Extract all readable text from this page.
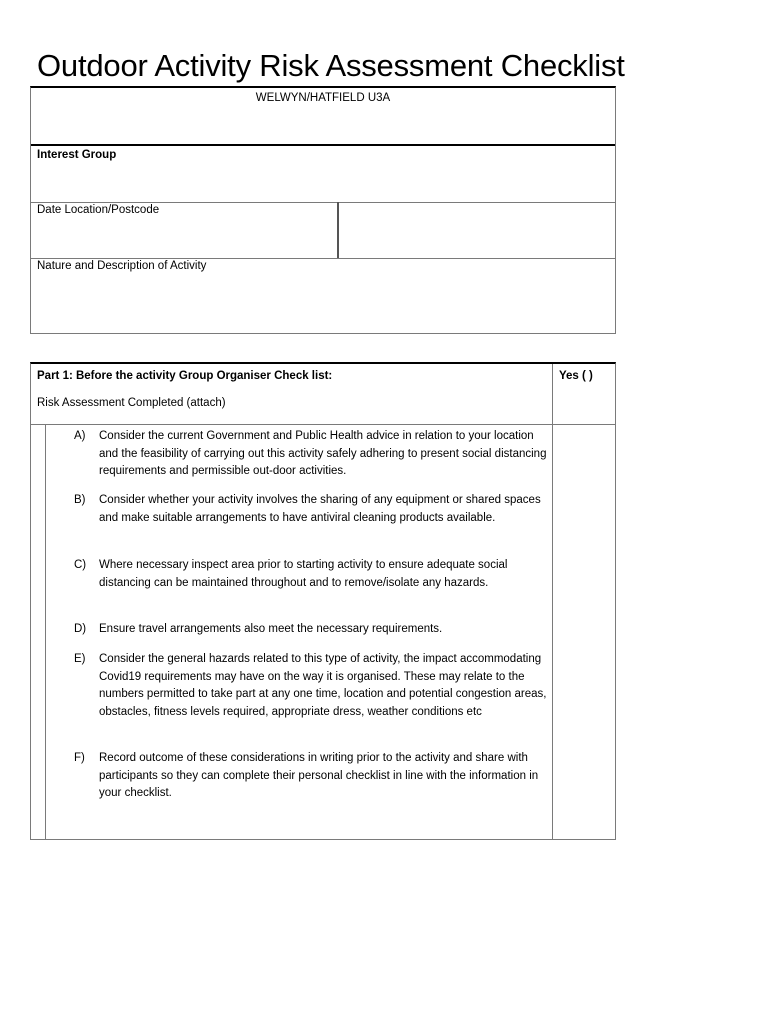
Outdoor Activity Risk Assessment Checklist
WELWYN/HATFIELD U3A
Interest Group
Date Location/Postcode
Nature and Description of Activity
Part 1: Before the activity Group Organiser Check list:
Risk Assessment Completed (attach)
Yes ( )
A) Consider the current Government and Public Health advice in relation to your location and the feasibility of carrying out this activity safely adhering to present social distancing requirements and permissible out-door activities.
B) Consider whether your activity involves the sharing of any equipment or shared spaces and make suitable arrangements to have antiviral cleaning products available.
C) Where necessary inspect area prior to starting activity to ensure adequate social distancing can be maintained throughout and to remove/isolate any hazards.
D) Ensure travel arrangements also meet the necessary requirements.
E) Consider the general hazards related to this type of activity, the impact accommodating Covid19 requirements may have on the way it is organised. These may relate to the numbers permitted to take part at any one time, location and potential congestion areas, obstacles, fitness levels required, appropriate dress, weather conditions etc
F) Record outcome of these considerations in writing prior to the activity and share with participants so they can complete their personal checklist in line with the information in your checklist.
